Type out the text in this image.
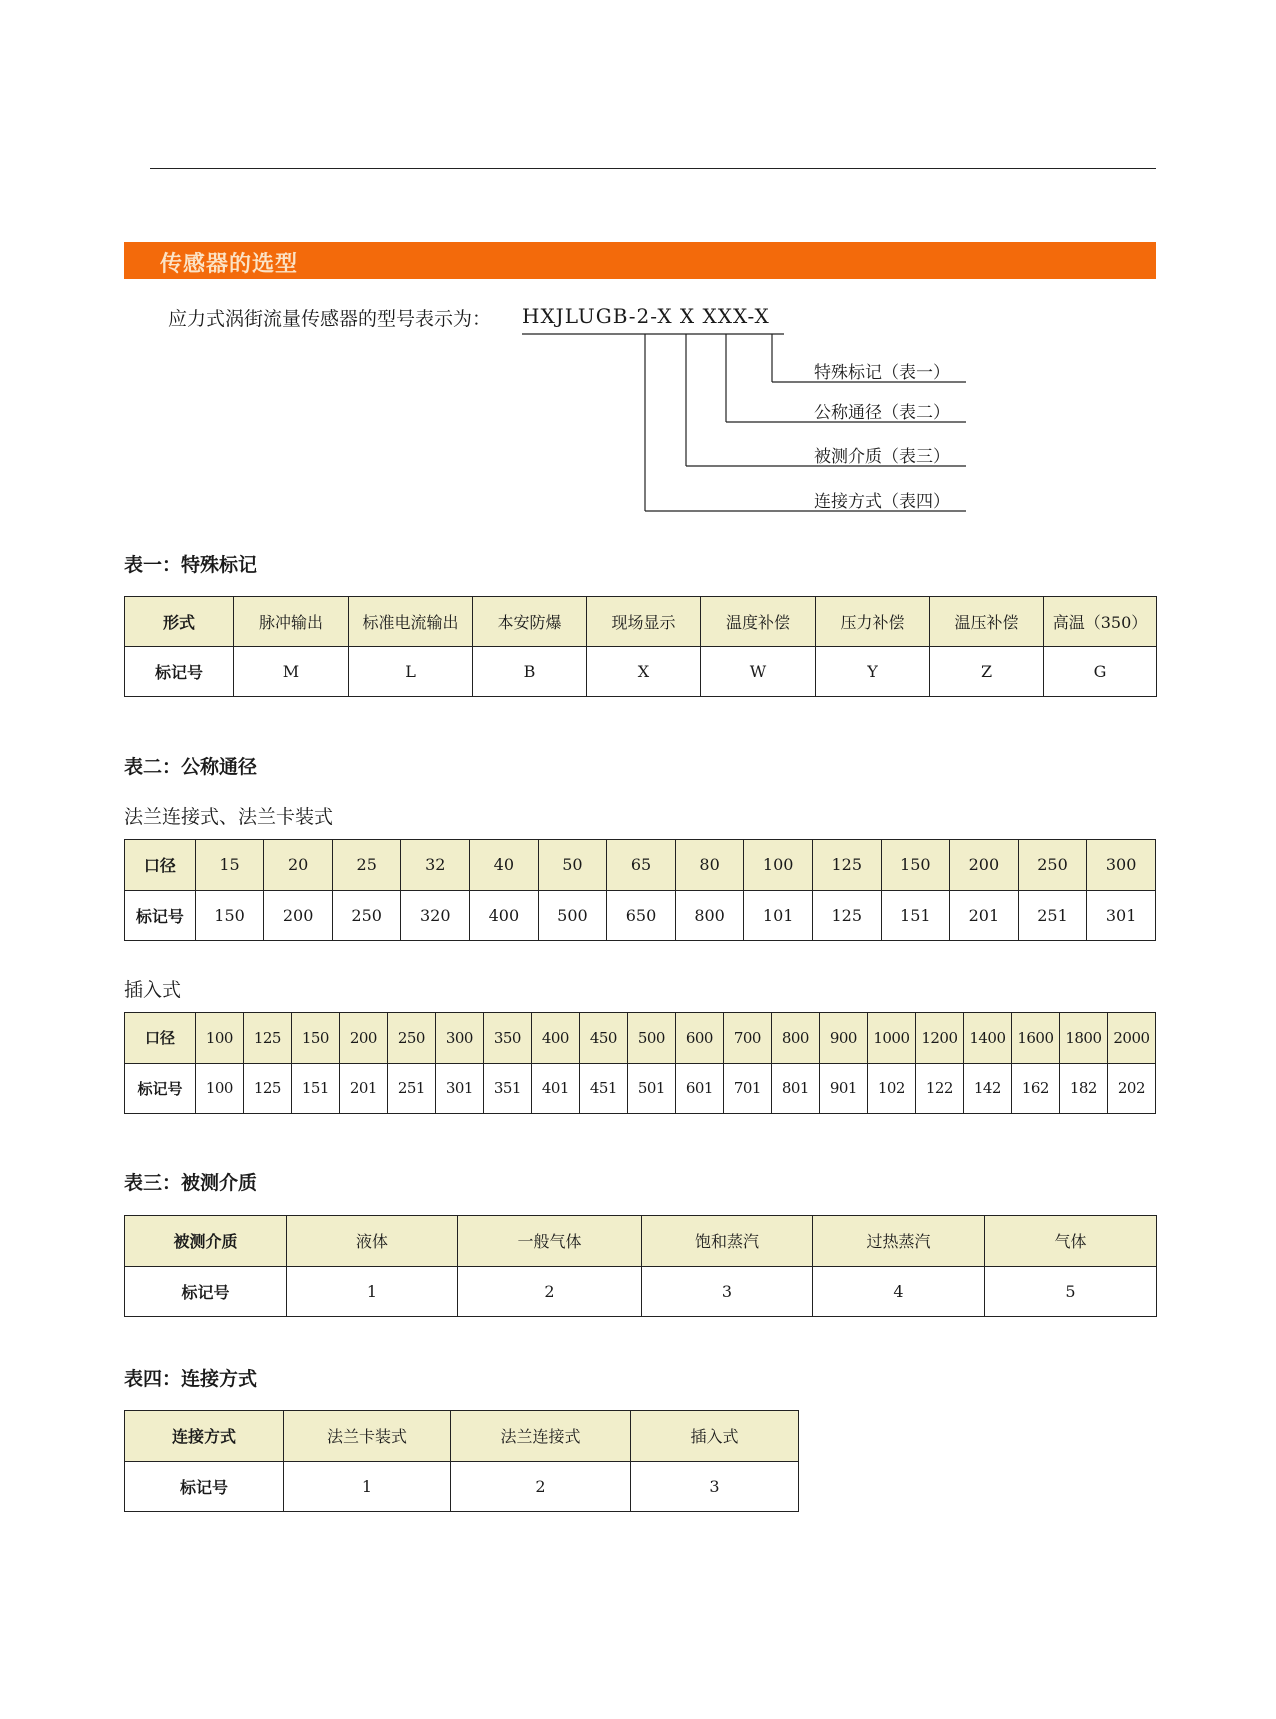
传感器的选型
应力式涡街流量传感器的型号表示为： HXJLUGB-2-X X XXX-X
特殊标记（表一）
公称通径（表二）
被测介质（表三）
连接方式（表四）
表一：特殊标记
形式	脉冲输出	标准电流输出	本安防爆	现场显示	温度补偿	压力补偿	温压补偿	高温（350）
标记号	M	L	B	X	W	Y	Z	G
表二：公称通径
法兰连接式、法兰卡装式
口径	15	20	25	32	40	50	65	80	100	125	150	200	250	300
标记号	150	200	250	320	400	500	650	800	101	125	151	201	251	301
插入式
口径	100	125	150	200	250	300	350	400	450	500	600	700	800	900	1000	1200	1400	1600	1800	2000
标记号	100	125	151	201	251	301	351	401	451	501	601	701	801	901	102	122	142	162	182	202
表三：被测介质
被测介质	液体	一般气体	饱和蒸汽	过热蒸汽	气体
标记号	1	2	3	4	5
表四：连接方式
连接方式	法兰卡装式	法兰连接式	插入式
标记号	1	2	3
